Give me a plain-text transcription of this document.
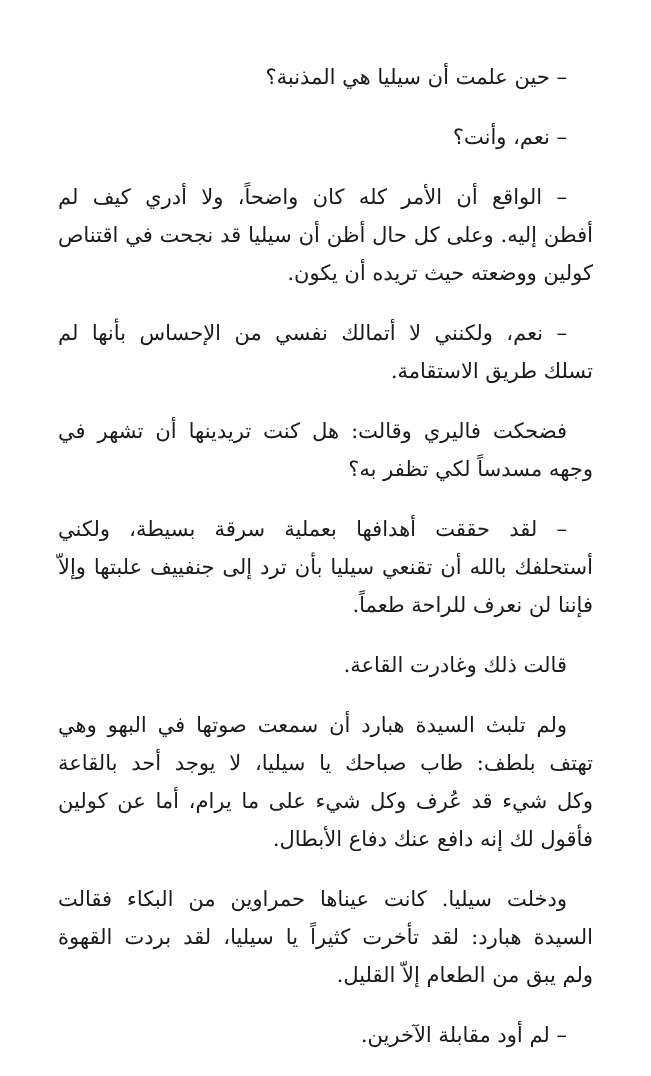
– حين علمت أن سيليا هي المذنبة؟

– نعم، وأنت؟

– الواقع أن الأمر كله كان واضحاً، ولا أدري كيف لم
أفطن إليه. وعلى كل حال أظن أن سيليا قد نجحت في اقتناص
كولين ووضعته حيث تريده أن يكون.

– نعم، ولكنني لا أتمالك نفسي من الإحساس بأنها لم
تسلك طريق الاستقامة.

فضحكت فاليري وقالت: هل كنت تريدينها أن تشهر في
وجهه مسدساً لكي تظفر به؟

– لقد حققت أهدافها بعملية سرقة بسيطة، ولكني
أستحلفك بالله أن تقنعي سيليا بأن ترد إلى جنفييف علبتها وإلاّ
فإننا لن نعرف للراحة طعماً.

قالت ذلك وغادرت القاعة.

ولم تلبث السيدة هبارد أن سمعت صوتها في البهو وهي
تهتف بلطف: طاب صباحك يا سيليا، لا يوجد أحد بالقاعة
وكل شيء قد عُرف وكل شيء على ما يرام، أما عن كولين
فأقول لك إنه دافع عنك دفاع الأبطال.

ودخلت سيليا. كانت عيناها حمراوين من البكاء فقالت
السيدة هبارد: لقد تأخرت كثيراً يا سيليا، لقد بردت القهوة
ولم يبق من الطعام إلاّ القليل.

– لم أود مقابلة الآخرين.
